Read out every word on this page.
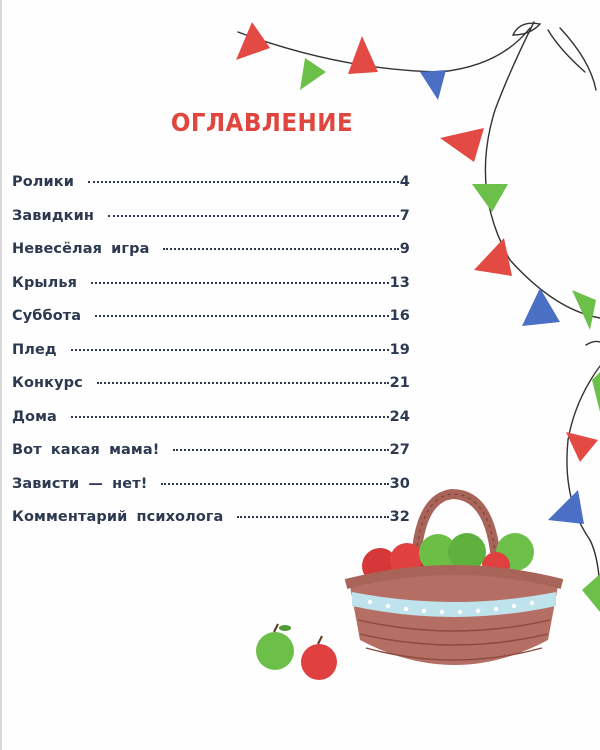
ОГЛАВЛЕНИЕ
Ролики	4
Завидкин	7
Невесёлая игра	9
Крылья	13
Суббота	16
Плед	19
Конкурс	21
Дома	24
Вот какая мама!	27
Зависти — нет!	30
Комментарий психолога	32
